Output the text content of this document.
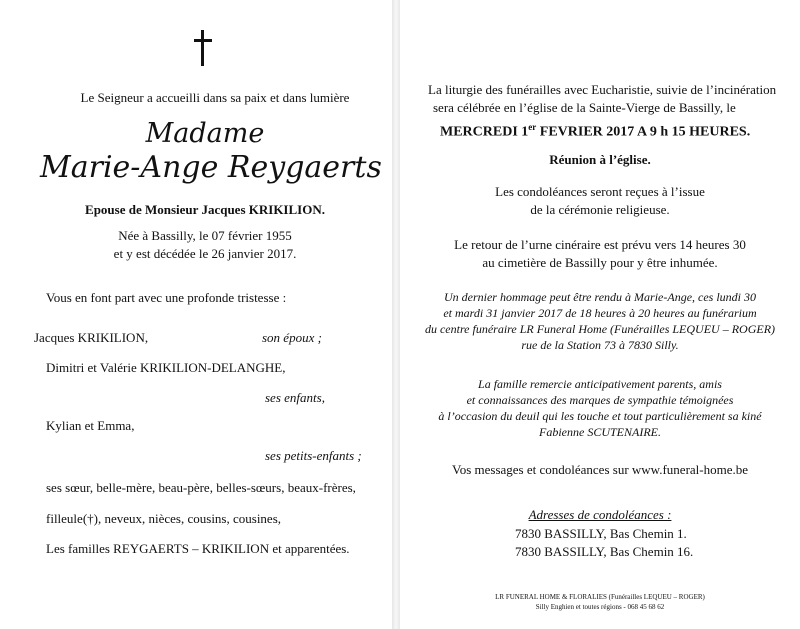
Le Seigneur a accueilli dans sa paix et dans lumière
Madame
Marie-Ange Reygaerts
Epouse de Monsieur Jacques KRIKILION.
Née à Bassilly, le 07 février 1955
et y est décédée le 26 janvier 2017.
Vous en font part avec une profonde tristesse :
Jacques KRIKILION,	son époux ;
Dimitri et Valérie KRIKILION-DELANGHE,
ses enfants,
Kylian et Emma,
ses petits-enfants ;
ses sœur, belle-mère, beau-père, belles-sœurs, beaux-frères,
filleule(†), neveux, nièces, cousins, cousines,
Les familles REYGAERTS – KRIKILION et apparentées.
La liturgie des funérailles avec Eucharistie, suivie de l’incinération
sera célébrée en l’église de la Sainte-Vierge de Bassilly, le
MERCREDI 1er FEVRIER 2017 A 9 h 15 HEURES.
Réunion à l’église.
Les condoléances seront reçues à l’issue
de la cérémonie religieuse.
Le retour de l’urne cinéraire est prévu vers 14 heures 30
au cimetière de Bassilly pour y être inhumée.
Un dernier hommage peut être rendu à Marie-Ange, ces lundi 30
et mardi 31 janvier 2017 de 18 heures à 20 heures au funérarium
du centre funéraire LR Funeral Home (Funérailles LEQUEU – ROGER)
rue de la Station 73 à 7830 Silly.
La famille remercie anticipativement parents, amis
et connaissances des marques de sympathie témoignées
à l’occasion du deuil qui les touche et tout particulièrement sa kiné
Fabienne SCUTENAIRE.
Vos messages et condoléances sur www.funeral-home.be
Adresses de condoléances :
7830 BASSILLY, Bas Chemin 1.
7830 BASSILLY, Bas Chemin 16.
LR FUNERAL HOME & FLORALIES (Funérailles LEQUEU – ROGER)
Silly Enghien et toutes régions - 068 45 68 62
